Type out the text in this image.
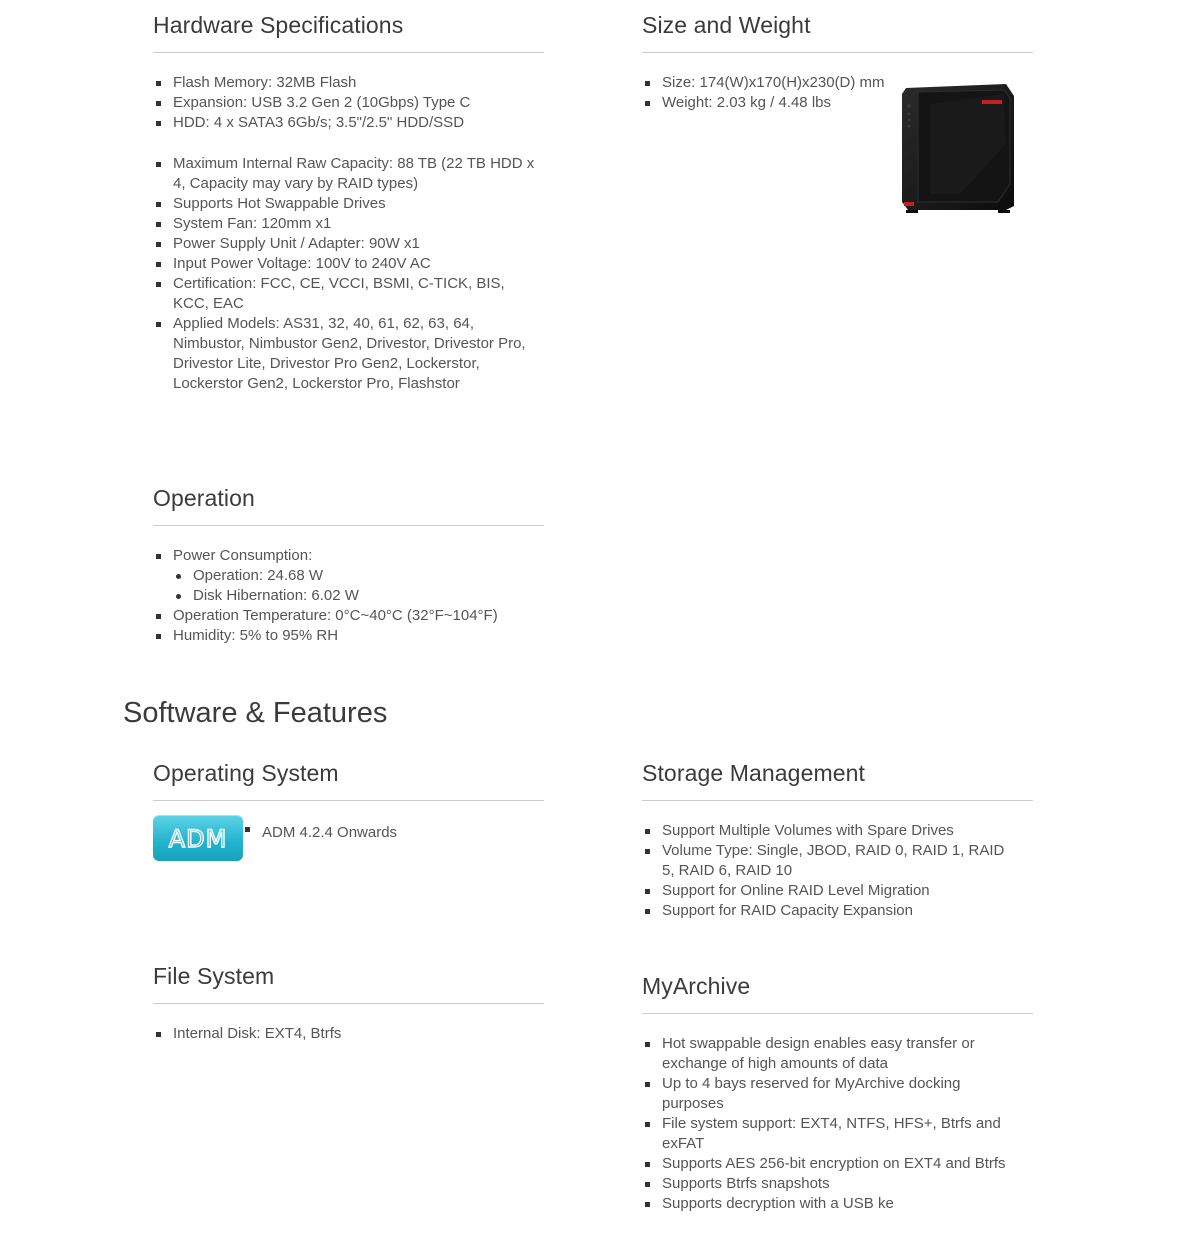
Hardware Specifications
Flash Memory: 32MB Flash
Expansion: USB 3.2 Gen 2 (10Gbps) Type C
HDD: 4 x SATA3 6Gb/s; 3.5"/2.5" HDD/SSD
Maximum Internal Raw Capacity: 88 TB (22 TB HDD x 4, Capacity may vary by RAID types)
Supports Hot Swappable Drives
System Fan: 120mm x1
Power Supply Unit / Adapter: 90W x1
Input Power Voltage: 100V to 240V AC
Certification: FCC, CE, VCCI, BSMI, C-TICK, BIS, KCC, EAC
Applied Models: AS31, 32, 40, 61, 62, 63, 64, Nimbustor, Nimbustor Gen2, Drivestor, Drivestor Pro, Drivestor Lite, Drivestor Pro Gen2, Lockerstor, Lockerstor Gen2, Lockerstor Pro, Flashstor
Size and Weight
Size: 174(W)x170(H)x230(D) mm
Weight: 2.03 kg / 4.48 lbs
Operation
Power Consumption:
Operation: 24.68 W
Disk Hibernation: 6.02 W
Operation Temperature: 0°C~40°C (32°F~104°F)
Humidity: 5% to 95% RH
Software & Features
Operating System
ADM	ADM 4.2.4 Onwards
Storage Management
Support Multiple Volumes with Spare Drives
Volume Type: Single, JBOD, RAID 0, RAID 1, RAID 5, RAID 6, RAID 10
Support for Online RAID Level Migration
Support for RAID Capacity Expansion
File System
Internal Disk: EXT4, Btrfs
MyArchive
Hot swappable design enables easy transfer or exchange of high amounts of data
Up to 4 bays reserved for MyArchive docking purposes
File system support: EXT4, NTFS, HFS+, Btrfs and exFAT
Supports AES 256-bit encryption on EXT4 and Btrfs
Supports Btrfs snapshots
Supports decryption with a USB ke
